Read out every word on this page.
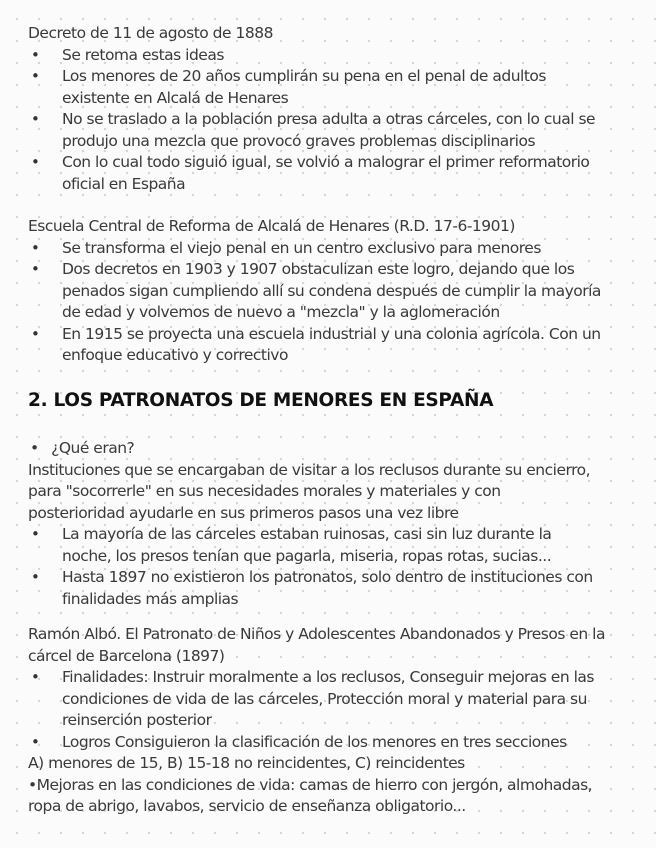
Decreto de 11 de agosto de 1888
• Se retoma estas ideas
• Los menores de 20 años cumplirán su pena en el penal de adultos
existente en Alcalá de Henares
• No se traslado a la población presa adulta a otras cárceles, con lo cual se
produjo una mezcla que provocó graves problemas disciplinarios
• Con lo cual todo siguió igual, se volvió a malograr el primer reformatorio
oficial en España
Escuela Central de Reforma de Alcalá de Henares (R.D. 17-6-1901)
• Se transforma el viejo penal en un centro exclusivo para menores
• Dos decretos en 1903 y 1907 obstaculizan este logro, dejando que los
penados sigan cumpliendo allí su condena después de cumplir la mayoría
de edad y volvemos de nuevo a "mezcla" y la aglomeración
• En 1915 se proyecta una escuela industrial y una colonia agrícola. Con un
enfoque educativo y correctivo
2. LOS PATRONATOS DE MENORES EN ESPAÑA
• ¿Qué eran?
Instituciones que se encargaban de visitar a los reclusos durante su encierro,
para "socorrerle" en sus necesidades morales y materiales y con
posterioridad ayudarle en sus primeros pasos una vez libre
• La mayoría de las cárceles estaban ruinosas, casi sin luz durante la
noche, los presos tenían que pagarla, miseria, ropas rotas, sucias...
• Hasta 1897 no existieron los patronatos, solo dentro de instituciones con
finalidades más amplias
Ramón Albó. El Patronato de Niños y Adolescentes Abandonados y Presos en la
cárcel de Barcelona (1897)
• Finalidades: Instruir moralmente a los reclusos, Conseguir mejoras en las
condiciones de vida de las cárceles, Protección moral y material para su
reinserción posterior
• Logros Consiguieron la clasificación de los menores en tres secciones
A) menores de 15, B) 15-18 no reincidentes, C) reincidentes
•Mejoras en las condiciones de vida: camas de hierro con jergón, almohadas,
ropa de abrigo, lavabos, servicio de enseñanza obligatorio...
